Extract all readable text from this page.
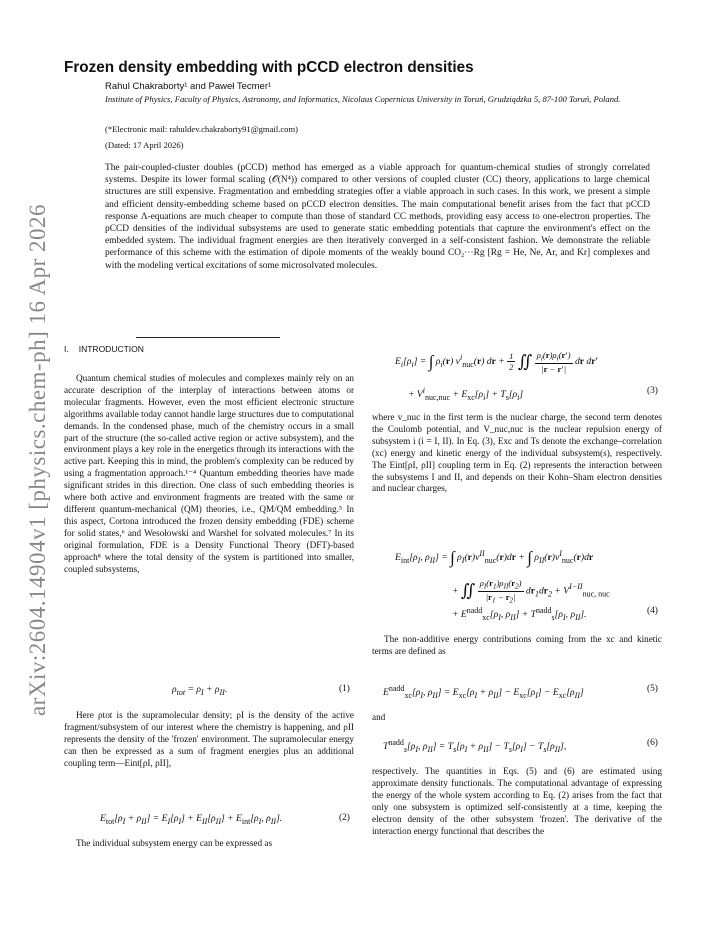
arXiv:2604.14904v1 [physics.chem-ph] 16 Apr 2026
Frozen density embedding with pCCD electron densities
Rahul Chakraborty¹ and Paweł Tecmer¹
Institute of Physics, Faculty of Physics, Astronomy, and Informatics, Nicolaus Copernicus University in Toruń, Grudziądzka 5, 87-100 Toruń, Poland.
(*Electronic mail: rahuldev.chakraborty91@gmail.com)
(Dated: 17 April 2026)
The pair-coupled-cluster doubles (pCCD) method has emerged as a viable approach for quantum-chemical studies of strongly correlated systems. Despite its lower formal scaling (𝒪(N⁴)) compared to other versions of coupled cluster (CC) theory, applications to large chemical structures are still expensive. Fragmentation and embedding strategies offer a viable approach in such cases. In this work, we present a simple and efficient density-embedding scheme based on pCCD electron densities. The main computational benefit arises from the fact that pCCD response Λ-equations are much cheaper to compute than those of standard CC methods, providing easy access to one-electron properties. The pCCD densities of the individual subsystems are used to generate static embedding potentials that capture the environment's effect on the embedded system. The individual fragment energies are then iteratively converged in a self-consistent fashion. We demonstrate the reliable performance of this scheme with the estimation of dipole moments of the weakly bound CO₂···Rg [Rg = He, Ne, Ar, and Kr] complexes and with the modeling vertical excitations of some microsolvated molecules.
I. INTRODUCTION
Quantum chemical studies of molecules and complexes mainly rely on an accurate description of the interplay of interactions between atoms or molecular fragments. However, even the most efficient electronic structure algorithms available today cannot handle large structures due to computational demands. In the condensed phase, much of the chemistry occurs in a small part of the structure (the so-called active region or active subsystem), and the environment plays a key role in the energetics through its interactions with the active part. Keeping this in mind, the problem's complexity can be reduced by using a fragmentation approach.¹⁻⁴ Quantum embedding theories have made significant strides in this direction. One class of such embedding theories is where both active and environment fragments are treated with the same or different quantum-mechanical (QM) theories, i.e., QM/QM embedding.⁵ In this aspect, Cortona introduced the frozen density embedding (FDE) scheme for solid states,⁶ and Wesołowski and Warshel for solvated molecules.⁷ In its original formulation, FDE is a Density Functional Theory (DFT)-based approach⁸ where the total density of the system is partitioned into smaller, coupled subsystems,
$\rho_{tot} = \rho_I + \rho_{II}$.	(1)
Here ρtot is the supramolecular density; ρI is the density of the active fragment/subsystem of our interest where the chemistry is happening, and ρII represents the density of the 'frozen' environment. The supramolecular energy can then be expressed as a sum of fragment energies plus an additional coupling term—Eint[ρI, ρII],
$E_{tot}[\rho_I + \rho_{II}] = E_I[\rho_I] + E_{II}[\rho_{II}] + E_{int}[\rho_I$, $\rho_{II}$].	(2)
The individual subsystem energy can be expressed as
$E_i[\rho_i]$ = ∫ $\rho_i(r)$ $v^i_{nuc}(r)$ dr + $\frac{1}{2}$ ∬ $\frac{\rho_i(r)\rho_i(r')}{|r - r'|}$ dr dr′
+ $V^i_{nuc,nuc} + E_{xc}[\rho_i] + T_s[\rho_i]$	(3)
where v_nuc in the first term is the nuclear charge, the second term denotes the Coulomb potential, and V_nuc,nuc is the nuclear repulsion energy of subsystem i (i = I, II). In Eq. (3), Exc and Ts denote the exchange–correlation (xc) energy and kinetic energy of the individual subsystem(s), respectively. The Eint[ρI, ρII] coupling term in Eq. (2) represents the interaction between the subsystems I and II, and depends on their Kohn–Sham electron densities and nuclear charges,
$E_{int}[\rho_I$, $\rho_{II}$] = ∫ $\rho_I(r)v^{II}_{nuc}(r)dr$ + ∫ $\rho_{II}(r)v^I_{nuc}(r)dr$
+ ∬ $\frac{\rho_I(r_1)\rho_{II}(r_2)}{|r_1 - r_2|} dr_1dr_2 + V^{I-II}_{nuc, nuc}$
+ $E^{nadd}_{xc}[\rho_I$, $\rho_{II}] + T^{nadd}_s[\rho_I$, $\rho_{II}$].	(4)
The non-additive energy contributions coming from the xc and kinetic terms are defined as
$E^{nadd}_{xc}[\rho_I$, $\rho_{II}] = E_{xc}[\rho_I + \rho_{II}] - E_{xc}[\rho_I] - E_{xc}[\rho_{II}]$	(5)
and
$T^{nadd}_s[\rho_I$, $\rho_{II}] = T_s[\rho_I + \rho_{II}] - T_s[\rho_I] - T_s[\rho_{II}]$,	(6)
respectively. The quantities in Eqs. (5) and (6) are estimated using approximate density functionals. The computational advantage of expressing the energy of the whole system according to Eq. (2) arises from the fact that only one subsystem is optimized self-consistently at a time, keeping the electron density of the other subsystem 'frozen'. The derivative of the interaction energy functional that describes the
